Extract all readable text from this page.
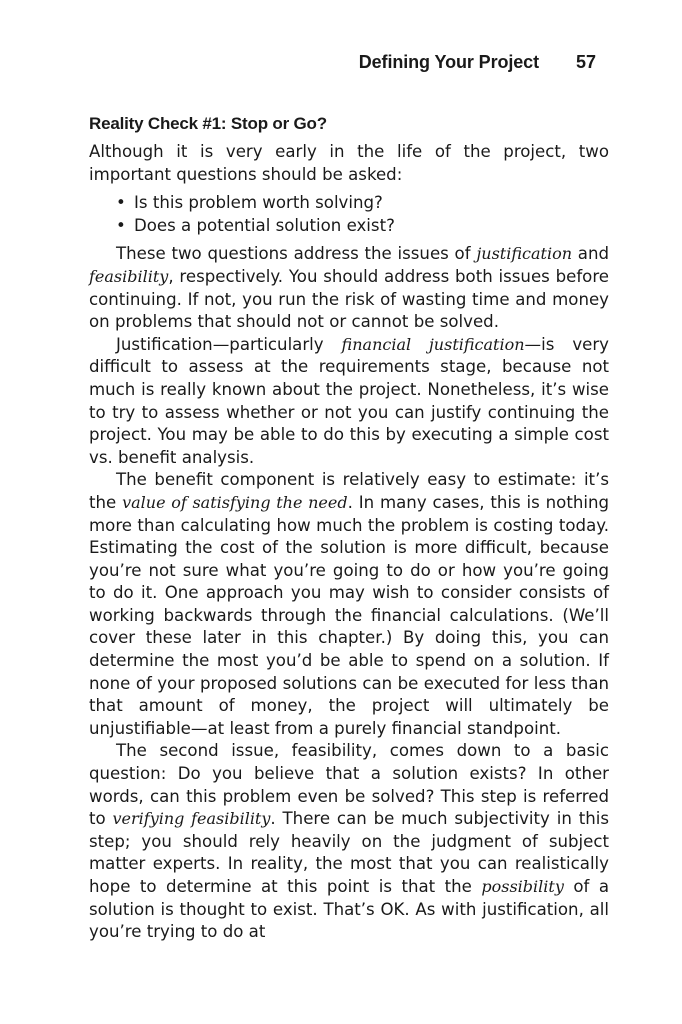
Defining Your Project 57
Reality Check #1: Stop or Go?

Although it is very early in the life of the project, two important questions should be asked:

• Is this problem worth solving?
• Does a potential solution exist?

These two questions address the issues of justification and feasibility, respectively. You should address both issues before continuing. If not, you run the risk of wasting time and money on problems that should not or cannot be solved.

Justification—particularly financial justification—is very difficult to assess at the requirements stage, because not much is really known about the project. Nonetheless, it’s wise to try to assess whether or not you can justify continuing the project. You may be able to do this by executing a simple cost vs. benefit analysis.

The benefit component is relatively easy to estimate: it’s the value of satisfying the need. In many cases, this is nothing more than calculating how much the problem is costing today. Estimating the cost of the solution is more difficult, because you’re not sure what you’re going to do or how you’re going to do it. One approach you may wish to consider consists of working backwards through the financial calculations. (We’ll cover these later in this chapter.) By doing this, you can determine the most you’d be able to spend on a solution. If none of your proposed solutions can be executed for less than that amount of money, the project will ultimately be unjustifiable—at least from a purely financial standpoint.

The second issue, feasibility, comes down to a basic question: Do you believe that a solution exists? In other words, can this problem even be solved? This step is referred to verifying feasibility. There can be much subjectivity in this step; you should rely heavily on the judgment of subject matter experts. In reality, the most that you can realistically hope to determine at this point is that the possibility of a solution is thought to exist. That’s OK. As with justification, all you’re trying to do at
